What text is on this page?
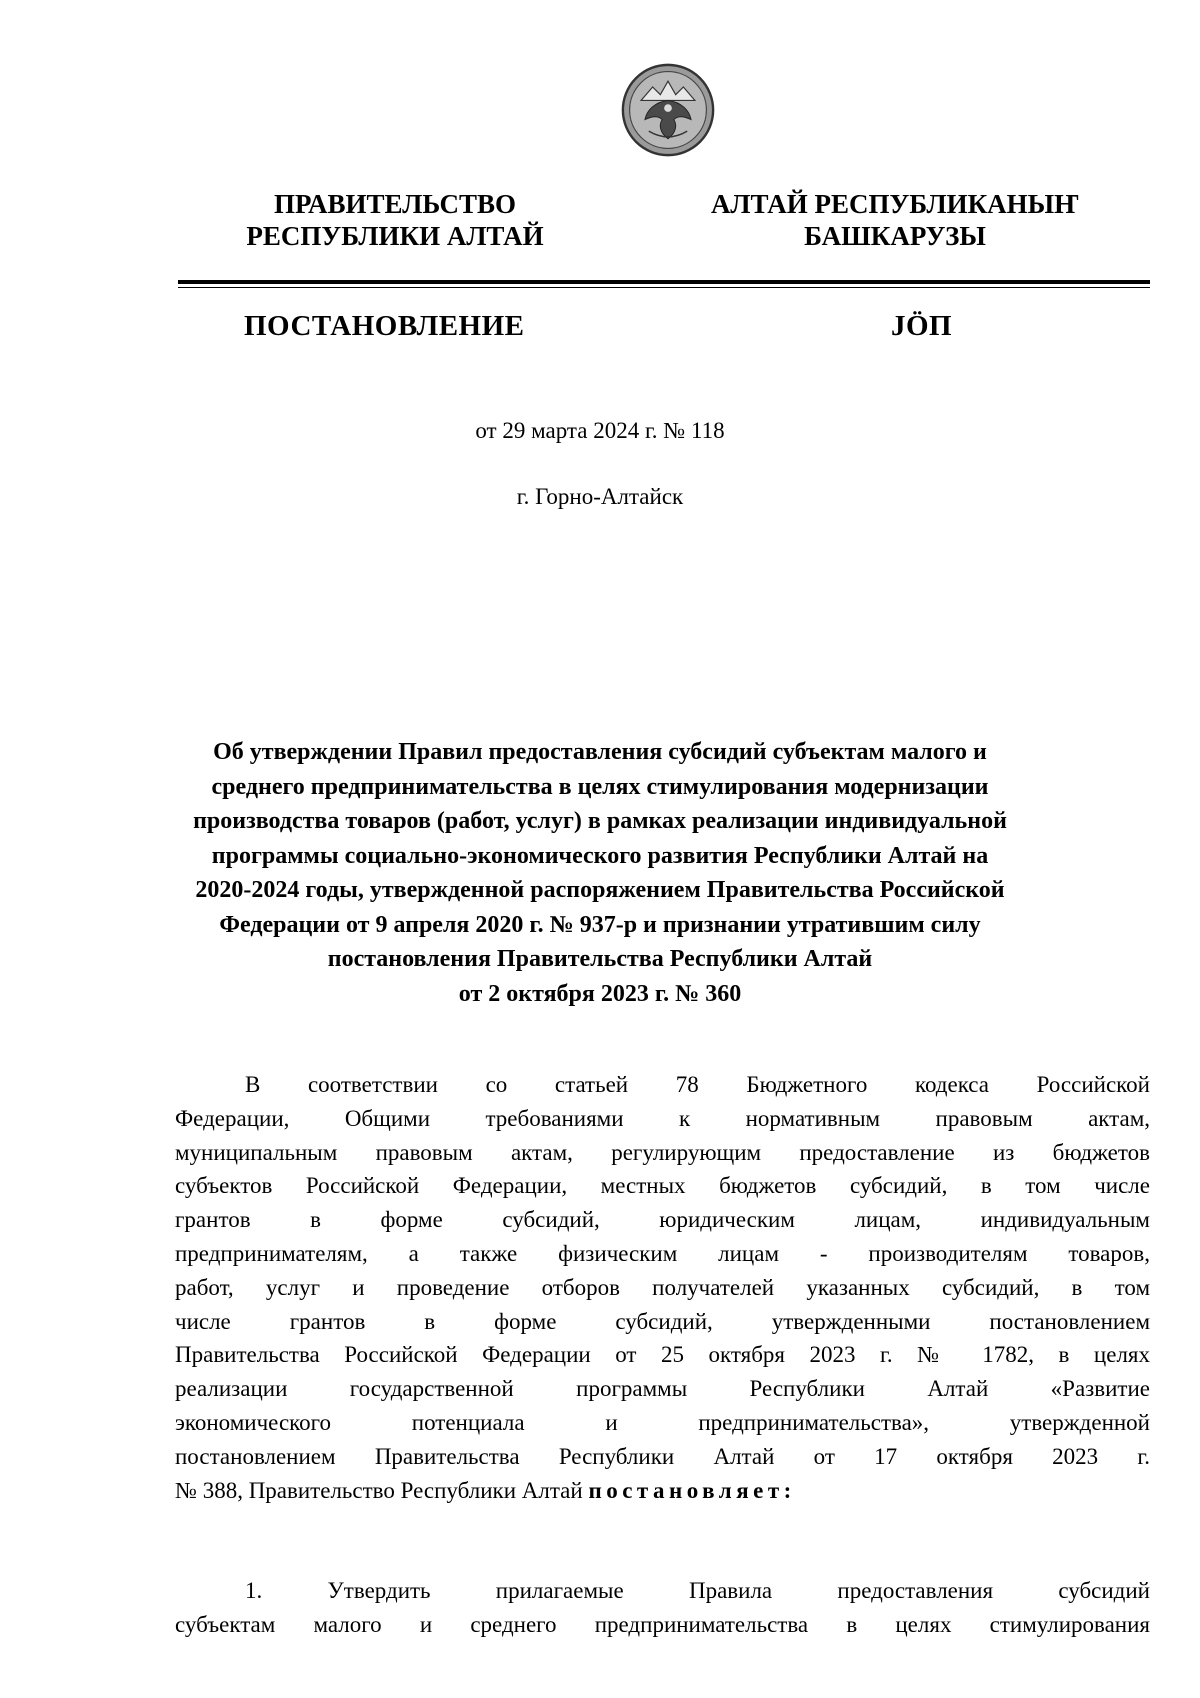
ПРАВИТЕЛЬСТВО
РЕСПУБЛИКИ АЛТАЙ
АЛТАЙ РЕСПУБЛИКАНЫҤ
БАШКАРУЗЫ
ПОСТАНОВЛЕНИЕ	JӦП
от 29 марта 2024 г. № 118
г. Горно-Алтайск
Об утверждении Правил предоставления субсидий субъектам малого и
среднего предпринимательства в целях стимулирования модернизации
производства товаров (работ, услуг) в рамках реализации индивидуальной
программы социально-экономического развития Республики Алтай на
2020-2024 годы, утвержденной распоряжением Правительства Российской
Федерации от 9 апреля 2020 г. № 937-р и признании утратившим силу
постановления Правительства Республики Алтай
от 2 октября 2023 г. № 360
В соответствии со статьей 78 Бюджетного кодекса Российской
Федерации, Общими требованиями к нормативным правовым актам,
муниципальным правовым актам, регулирующим предоставление из бюджетов
субъектов Российской Федерации, местных бюджетов субсидий, в том числе
грантов в форме субсидий, юридическим лицам, индивидуальным
предпринимателям, а также физическим лицам - производителям товаров,
работ, услуг и проведение отборов получателей указанных субсидий, в том
числе грантов в форме субсидий, утвержденными постановлением
Правительства Российской Федерации от 25 октября 2023 г. № 1782, в целях
реализации государственной программы Республики Алтай «Развитие
экономического потенциала и предпринимательства», утвержденной
постановлением Правительства Республики Алтай от 17 октября 2023 г.
№ 388, Правительство Республики Алтай постановляет:
1. Утвердить прилагаемые Правила предоставления субсидий
субъектам малого и среднего предпринимательства в целях стимулирования
